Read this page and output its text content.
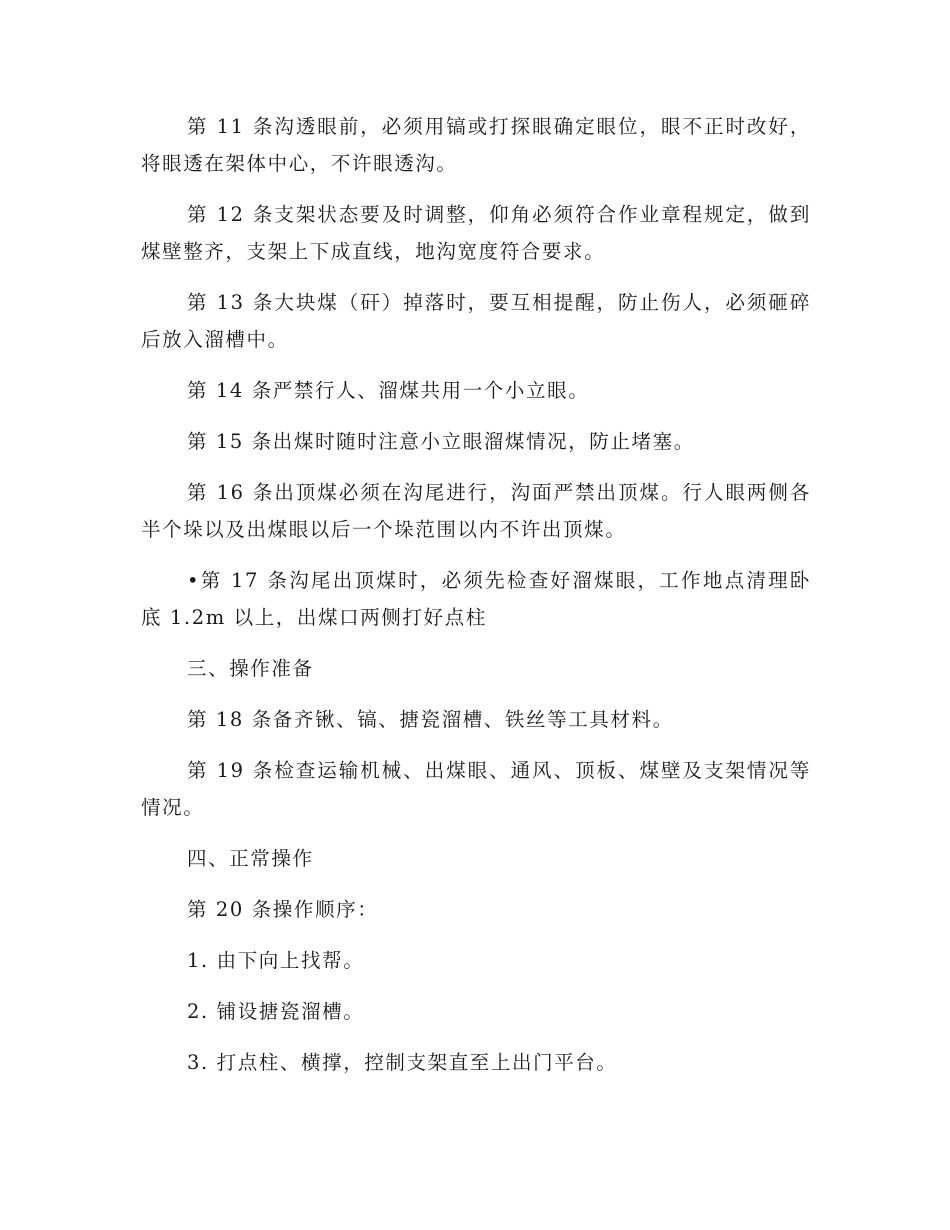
第 11 条沟透眼前，必须用镐或打探眼确定眼位，眼不正时改好，将眼透在架体中心，不许眼透沟。

第 12 条支架状态要及时调整，仰角必须符合作业章程规定，做到煤壁整齐，支架上下成直线，地沟宽度符合要求。

第 13 条大块煤（矸）掉落时，要互相提醒，防止伤人，必须砸碎后放入溜槽中。

第 14 条严禁行人、溜煤共用一个小立眼。

第 15 条出煤时随时注意小立眼溜煤情况，防止堵塞。

第 16 条出顶煤必须在沟尾进行，沟面严禁出顶煤。行人眼两侧各半个垛以及出煤眼以后一个垛范围以内不许出顶煤。

•第 17 条沟尾出顶煤时，必须先检查好溜煤眼，工作地点清理卧底 1.2m 以上，出煤口两侧打好点柱

三、操作准备

第 18 条备齐锹、镐、搪瓷溜槽、铁丝等工具材料。

第 19 条检查运输机械、出煤眼、通风、顶板、煤壁及支架情况等情况。

四、正常操作

第 20 条操作顺序：

1. 由下向上找帮。

2. 铺设搪瓷溜槽。

3. 打点柱、横撑，控制支架直至上出门平台。
